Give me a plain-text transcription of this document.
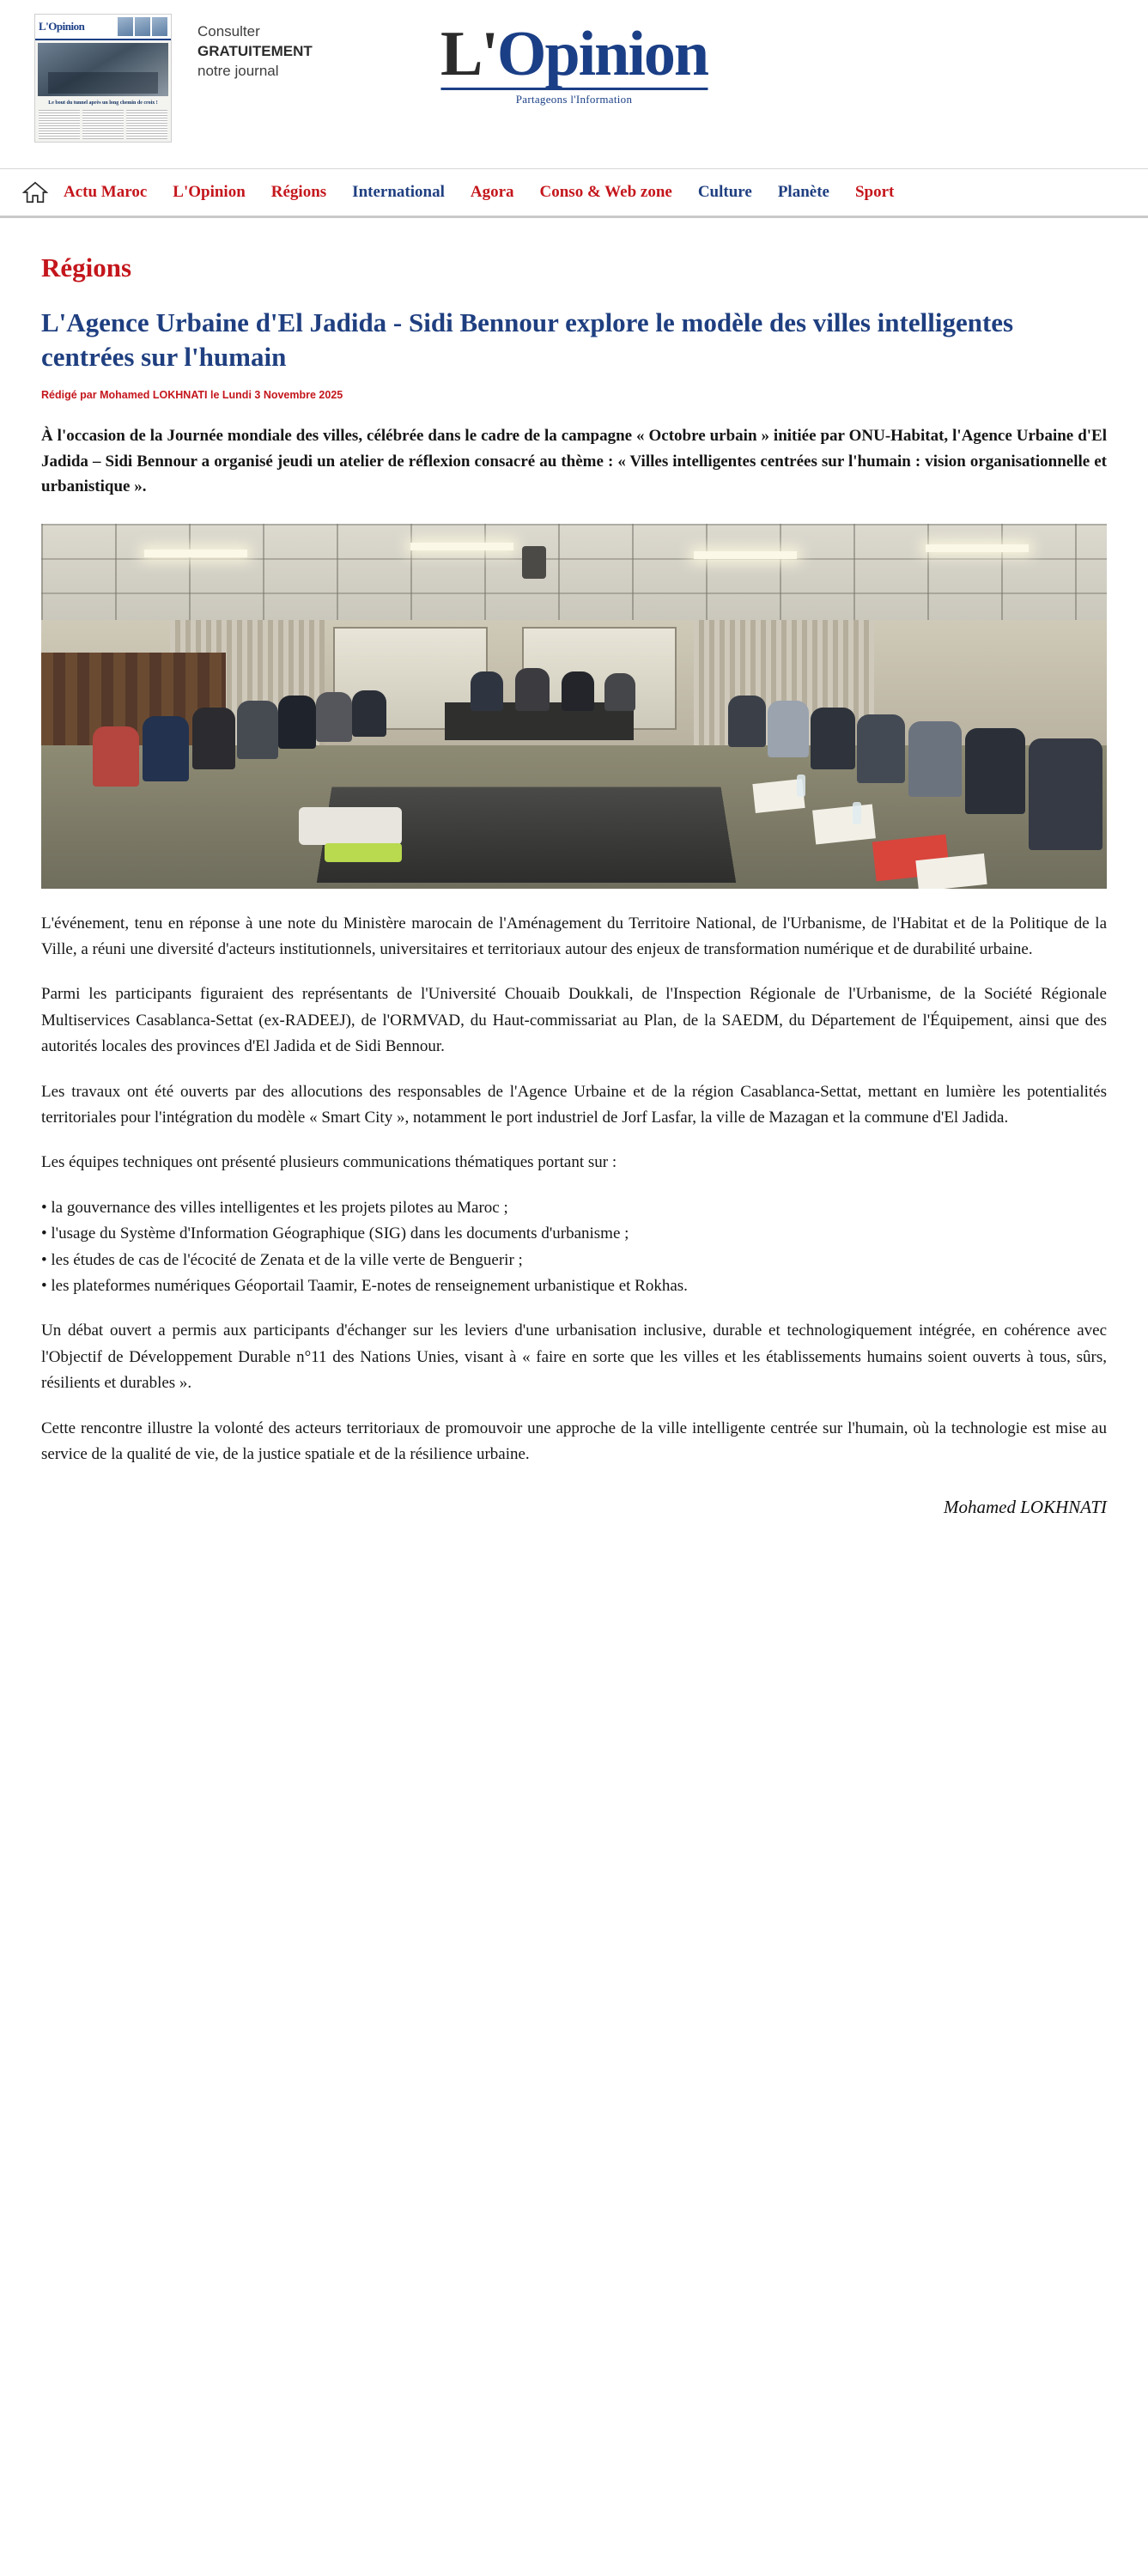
L'Opinion
Le bout du tunnel après un long chemin de croix !
Consulter
GRATUITEMENT
notre journal	L'Opinion
Partageons l'Information
Actu Maroc L'Opinion Régions International Agora Conso & Web zone Culture Planète Sport
Régions
L'Agence Urbaine d'El Jadida - Sidi Bennour explore le modèle des villes intelligentes centrées sur l'humain
Rédigé par Mohamed LOKHNATI le Lundi 3 Novembre 2025

À l'occasion de la Journée mondiale des villes, célébrée dans le cadre de la campagne « Octobre urbain » initiée par ONU-Habitat, l'Agence Urbaine d'El Jadida – Sidi Bennour a organisé jeudi un atelier de réflexion consacré au thème : « Villes intelligentes centrées sur l'humain : vision organisationnelle et urbanistique ».

L'événement, tenu en réponse à une note du Ministère marocain de l'Aménagement du Territoire National, de l'Urbanisme, de l'Habitat et de la Politique de la Ville, a réuni une diversité d'acteurs institutionnels, universitaires et territoriaux autour des enjeux de transformation numérique et de durabilité urbaine.

Parmi les participants figuraient des représentants de l'Université Chouaib Doukkali, de l'Inspection Régionale de l'Urbanisme, de la Société Régionale Multiservices Casablanca-Settat (ex-RADEEJ), de l'ORMVAD, du Haut-commissariat au Plan, de la SAEDM, du Département de l'Équipement, ainsi que des autorités locales des provinces d'El Jadida et de Sidi Bennour.

Les travaux ont été ouverts par des allocutions des responsables de l'Agence Urbaine et de la région Casablanca-Settat, mettant en lumière les potentialités territoriales pour l'intégration du modèle « Smart City », notamment le port industriel de Jorf Lasfar, la ville de Mazagan et la commune d'El Jadida.

Les équipes techniques ont présenté plusieurs communications thématiques portant sur :

• la gouvernance des villes intelligentes et les projets pilotes au Maroc ;
• l'usage du Système d'Information Géographique (SIG) dans les documents d'urbanisme ;
• les études de cas de l'écocité de Zenata et de la ville verte de Benguerir ;
• les plateformes numériques Géoportail Taamir, E-notes de renseignement urbanistique et Rokhas.

Un débat ouvert a permis aux participants d'échanger sur les leviers d'une urbanisation inclusive, durable et technologiquement intégrée, en cohérence avec l'Objectif de Développement Durable n°11 des Nations Unies, visant à « faire en sorte que les villes et les établissements humains soient ouverts à tous, sûrs, résilients et durables ».

Cette rencontre illustre la volonté des acteurs territoriaux de promouvoir une approche de la ville intelligente centrée sur l'humain, où la technologie est mise au service de la qualité de vie, de la justice spatiale et de la résilience urbaine.

Mohamed LOKHNATI
